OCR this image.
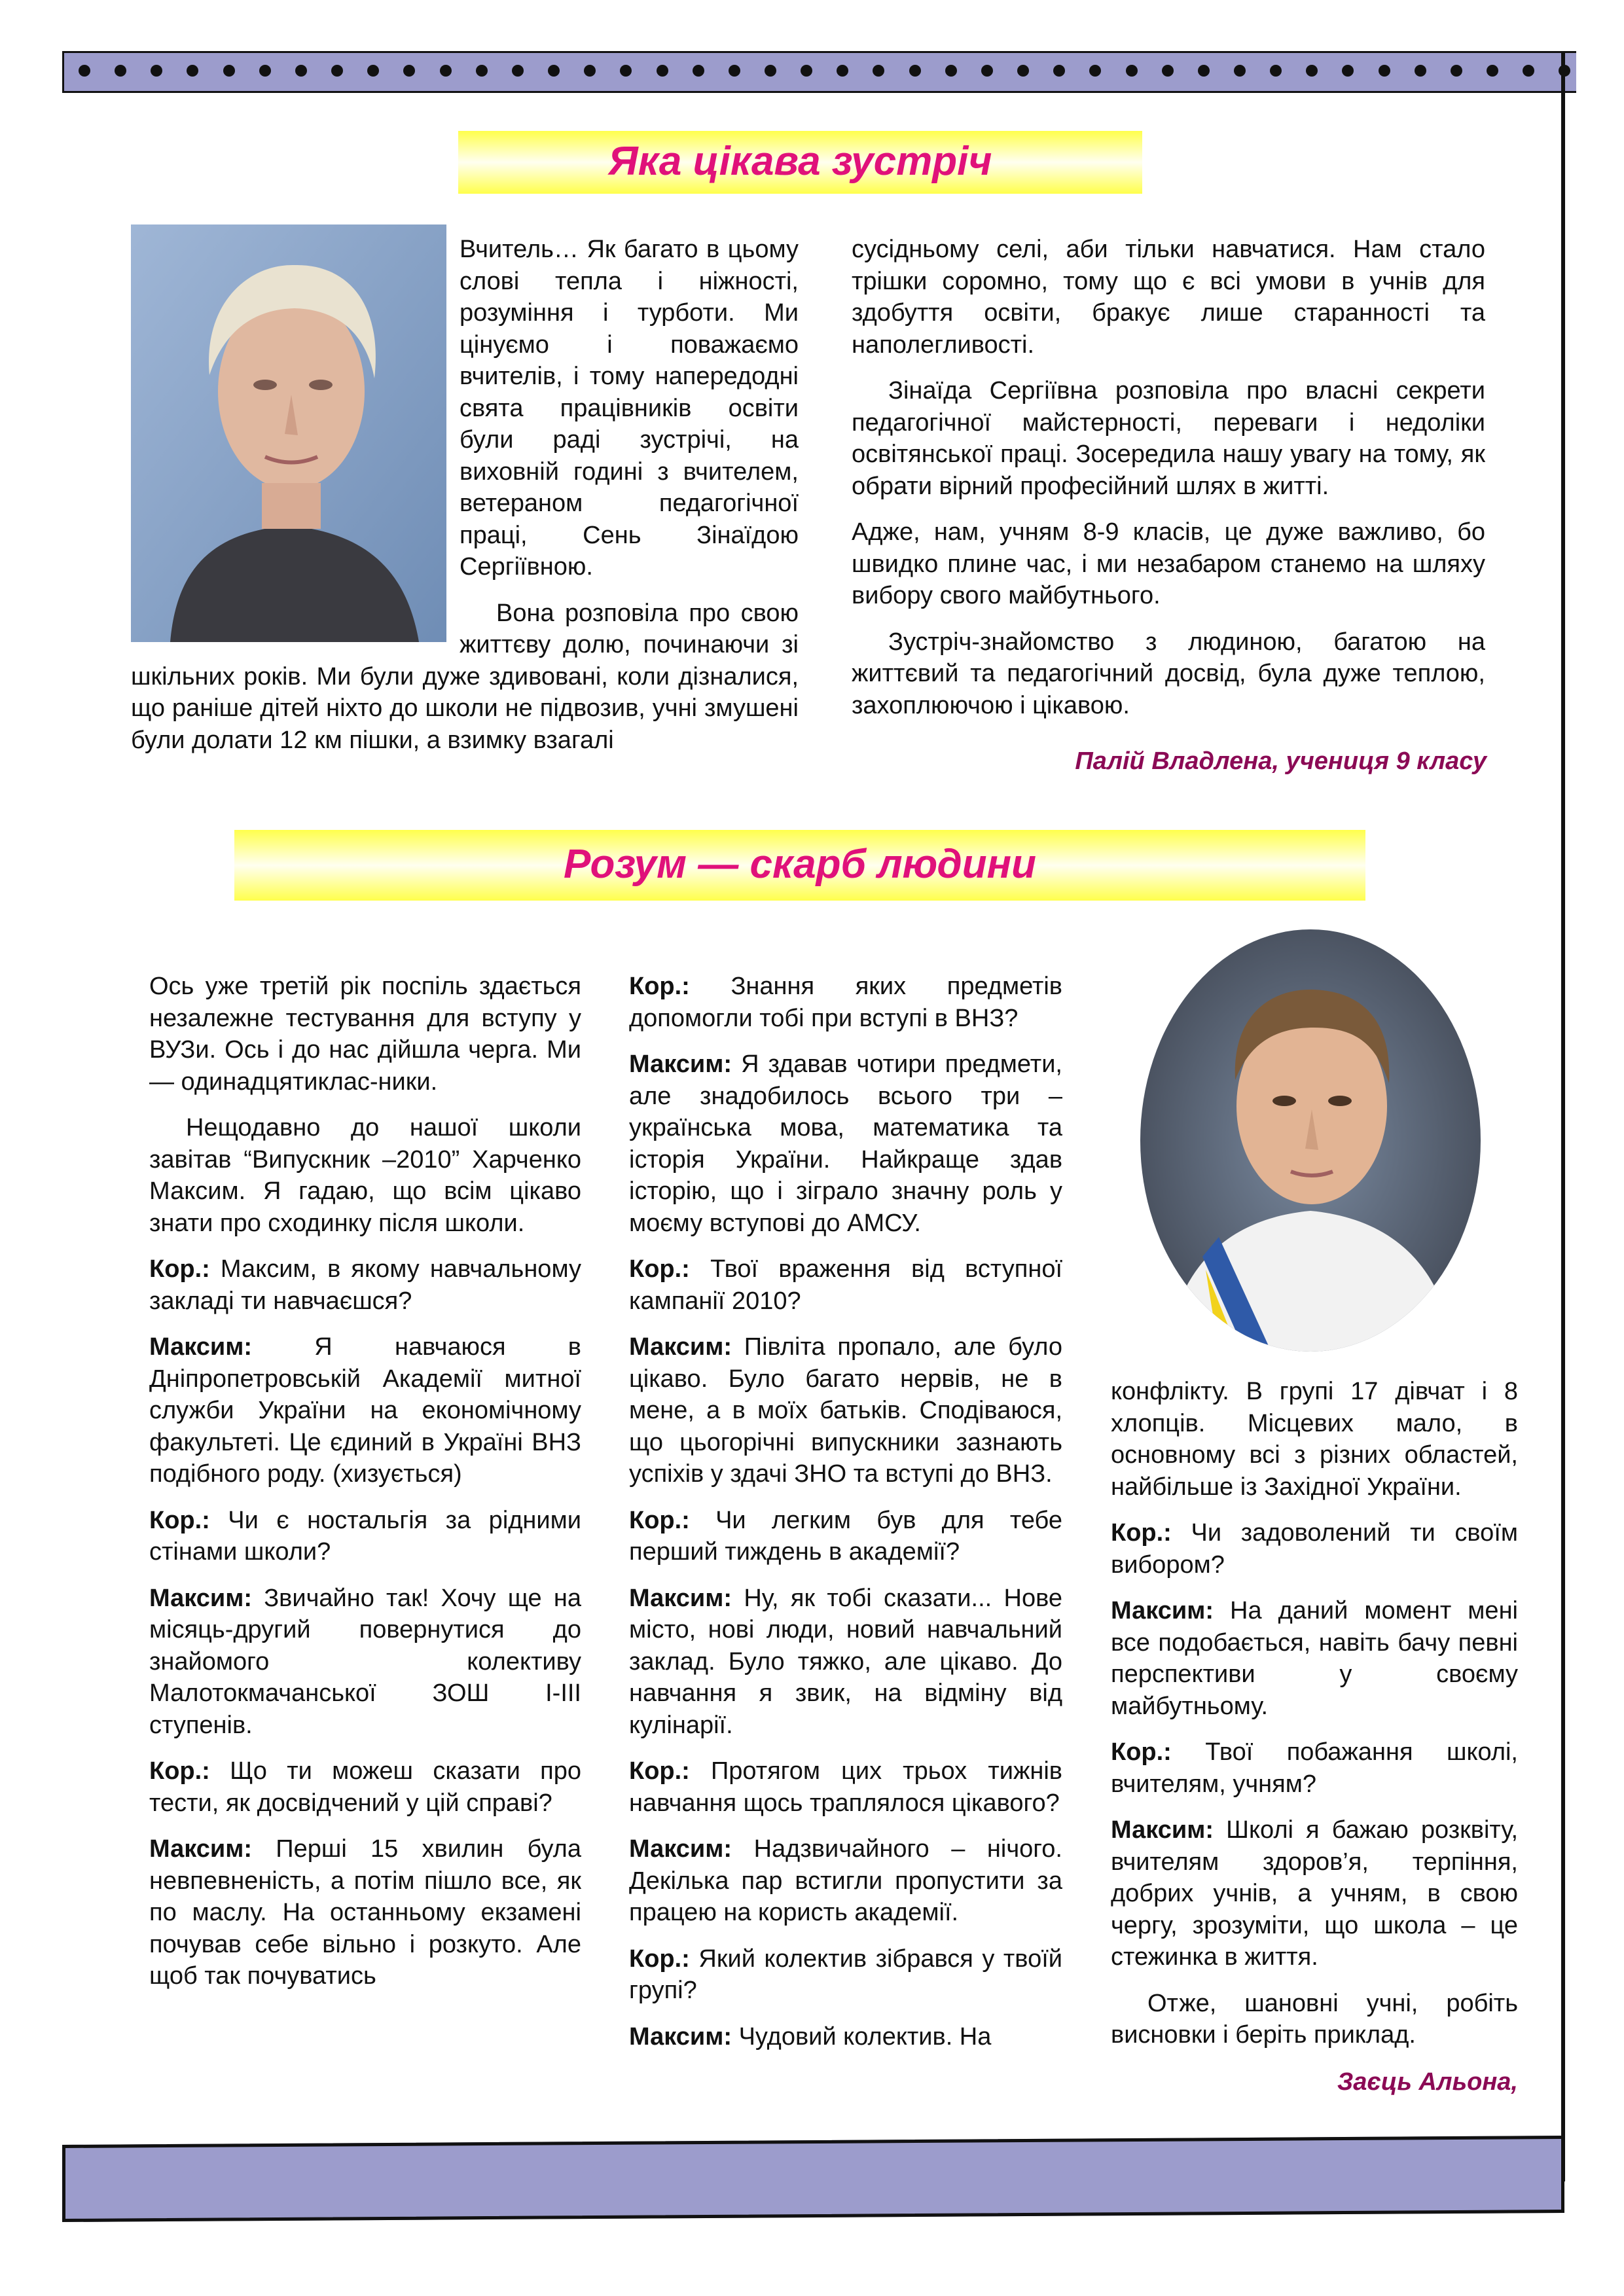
Яка цікава зустріч

Вчитель… Як багато в цьому слові тепла і ніжності, розуміння і турботи. Ми цінуємо і поважаємо вчителів, і тому напередодні свята працівників освіти були раді зустрічі, на виховній годині з вчителем, ветераном педагогічної праці, Сень Зінаїдою Сергіївною.

Вона розповіла про свою життєву долю, починаючи зі шкільних років. Ми були дуже здивовані, коли дізналися, що раніше дітей ніхто до школи не підвозив, учні змушені були долати 12 км пішки, а взимку взагалі

сусідньому селі, аби тільки навчатися. Нам стало трішки соромно, тому що є всі умови в учнів для здобуття освіти, бракує лише старанності та наполегливості.

Зінаїда Сергіївна розповіла про власні секрети педагогічної майстерності, переваги і недоліки освітянської праці. Зосередила нашу увагу на тому, як обрати вірний професійний шлях в житті.

Адже, нам, учням 8-9 класів, це дуже важливо, бо швидко плине час, і ми незабаром станемо на шляху вибору свого майбутнього.

Зустріч-знайомство з людиною, багатою на життєвий та педагогічний досвід, була дуже теплою, захоплюючою і цікавою.

Палій Владлена, учениця 9 класу
Розум — скарб людини

Ось уже третій рік поспіль здається незалежне тестування для вступу у ВУЗи. Ось і до нас дійшла черга. Ми — одинадцятиклас-ники.

Нещодавно до нашої школи завітав “Випускник –2010” Харченко Максим. Я гадаю, що всім цікаво знати про сходинку після школи.

Кор.: Максим, в якому навчальному закладі ти навчаєшся?

Максим:	Я навчаюся в Дніпропетровській Академії митної служби України на економічному факультеті. Це єдиний в Україні ВНЗ подібного роду. (хизується)

Кор.: Чи є ностальгія за рідними стінами школи?

Максим: Звичайно так! Хочу ще на місяць-другий повернутися до знайомого колективу Малотокмачанської ЗОШ І-ІІІ ступенів.

Кор.: Що ти можеш сказати про тести, як досвідчений у цій справі?

Максим: Перші 15 хвилин була невпевненість, а потім пішло все, як по маслу. На останньому екзамені почував себе вільно і розкуто. Але щоб так почуватись

Кор.: Знання яких предметів допомогли тобі при вступі в ВНЗ?

Максим: Я здавав чотири предмети, але знадобилось всього три – українська мова, математика та історія України. Найкраще здав історію, що і зіграло значну роль у моєму вступові до АМСУ.

Кор.: Твої враження від вступної кампанії 2010?

Максим: Півліта пропало, але було цікаво. Було багато нервів, не в мене, а в моїх батьків. Сподіваюся, що цьогорічні випускники зазнають успіхів у здачі ЗНО та вступі до ВНЗ.

Кор.: Чи легким був для тебе перший тиждень в академії?

Максим: Ну, як тобі сказати... Нове місто, нові люди, новий навчальний заклад. Було тяжко, але цікаво. До навчання я звик, на відміну від кулінарії.

Кор.: Протягом цих трьох тижнів навчання щось траплялося цікавого?

Максим: Надзвичайного – нічого. Декілька пар встигли пропустити за працею на користь академії.

Кор.: Який колектив зібрався у твоїй групі?

Максим: Чудовий колектив. На

конфлікту. В групі 17 дівчат і 8 хлопців. Місцевих мало, в основному всі з різних областей, найбільше із Західної України.

Кор.: Чи задоволений ти своїм вибором?

Максим: На даний момент мені все подобається, навіть бачу певні перспективи у своєму майбутньому.

Кор.: Твої побажання школі, вчителям, учням?

Максим: Школі я бажаю розквіту, вчителям здоров’я, терпіння, добрих учнів, а учням, в свою чергу, зрозуміти, що школа – це стежинка в життя.

Отже, шановні учні, робіть висновки і беріть приклад.

Заєць Альона,
